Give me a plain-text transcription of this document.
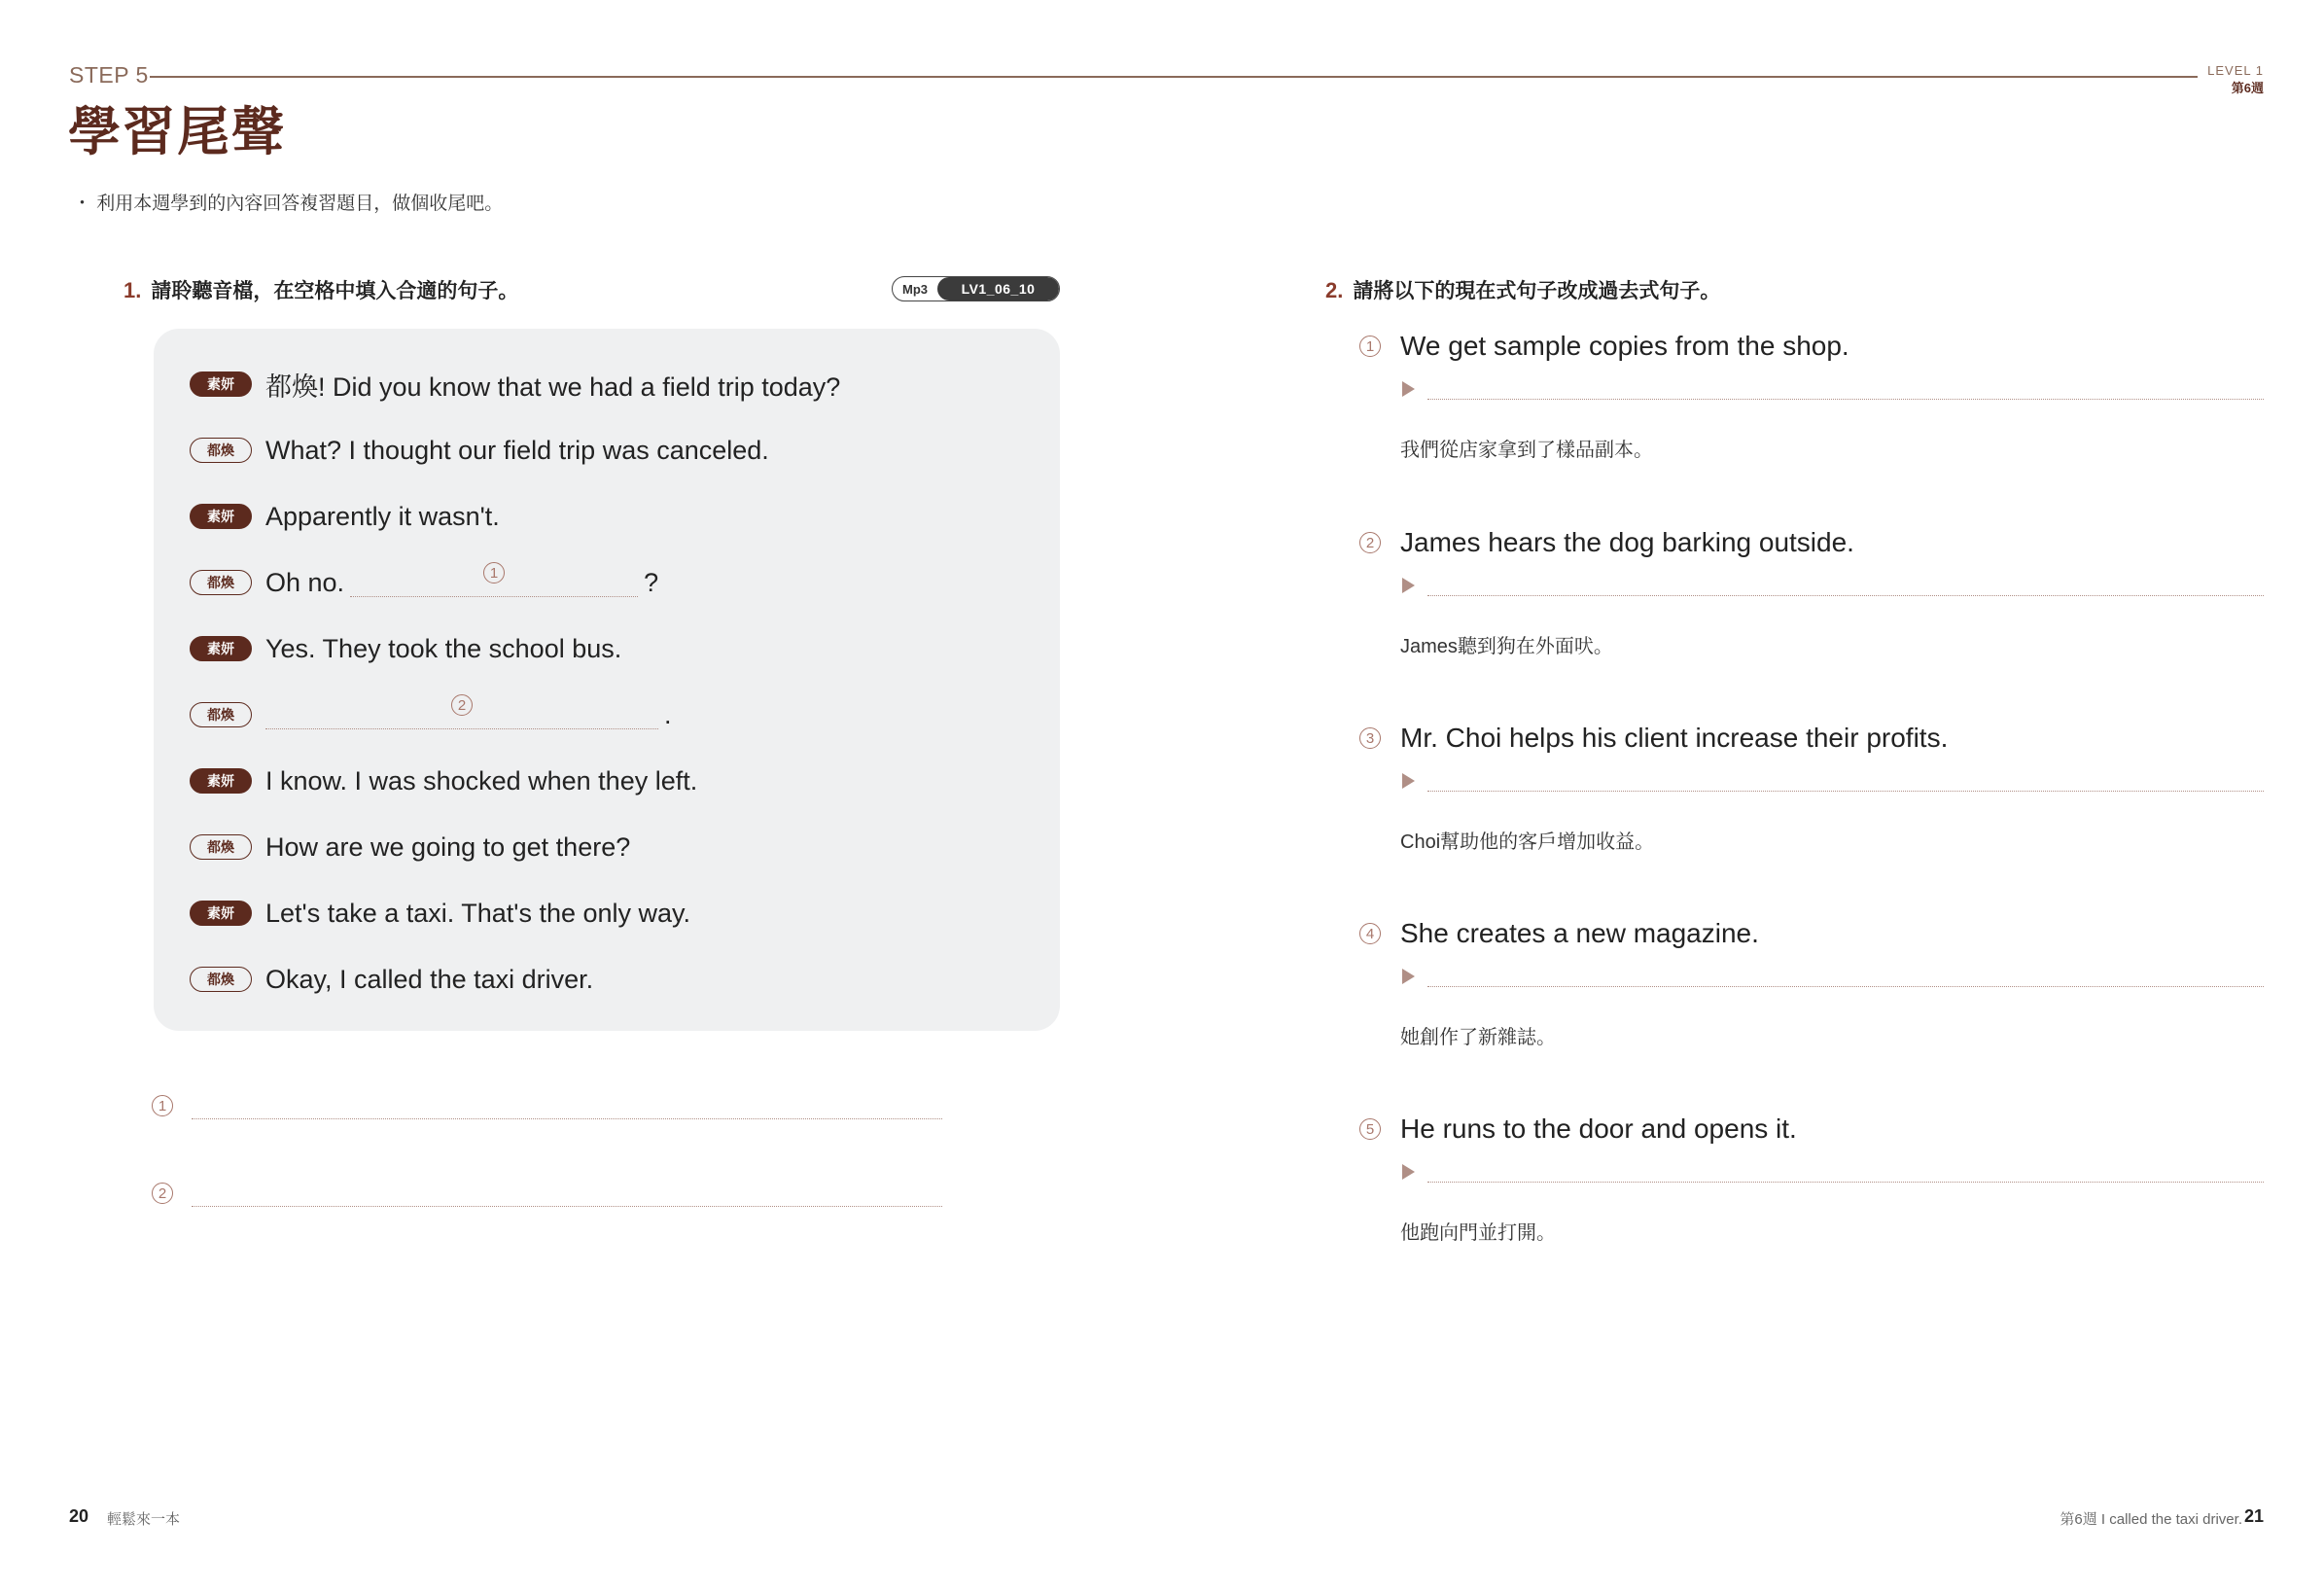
STEP 5	LEVEL 1
第6週
學習尾聲
・ 利用本週學到的內容回答複習題目，做個收尾吧。
1. 請聆聽音檔，在空格中填入合適的句子。	Mp3	LV1_06_10
素妍	都煥! Did you know that we had a field trip today?
都煥	What? I thought our field trip was canceled.
素妍	Apparently it wasn't.
都煥	Oh no.	1	?
素妍	Yes. They took the school bus.
都煥
2	.
素妍	I know. I was shocked when they left.
都煥	How are we going to get there?
素妍	Let's take a taxi. That's the only way.
都煥	Okay, I called the taxi driver.
1
2
2. 請將以下的現在式句子改成過去式句子。
1 We get sample copies from the shop.
我們從店家拿到了樣品副本。
2 James hears the dog barking outside.
James聽到狗在外面吠。
3 Mr. Choi helps his client increase their profits.
Choi幫助他的客戶增加收益。
4 She creates a new magazine.
她創作了新雜誌。
5 He runs to the door and opens it.
他跑向門並打開。
20 輕鬆來一本	第6週 I called the taxi driver. 21
